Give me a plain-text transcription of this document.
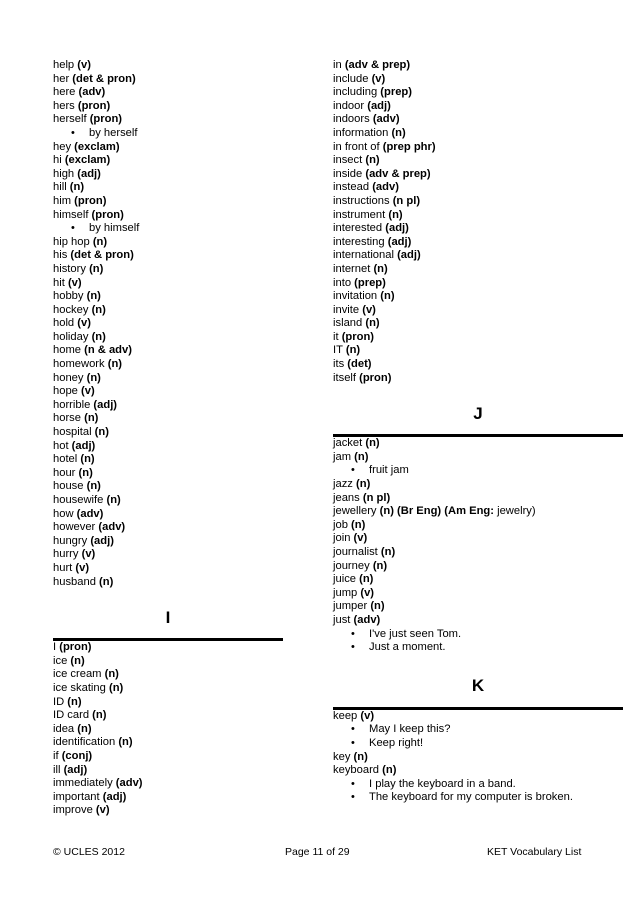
help (v)
her (det & pron)
here (adv)
hers (pron)
herself (pron)
• by herself
hey (exclam)
hi (exclam)
high (adj)
hill (n)
him (pron)
himself (pron)
• by himself
hip hop (n)
his (det & pron)
history (n)
hit (v)
hobby (n)
hockey (n)
hold (v)
holiday (n)
home (n & adv)
homework (n)
honey (n)
hope (v)
horrible (adj)
horse (n)
hospital (n)
hot (adj)
hotel (n)
hour (n)
house (n)
housewife (n)
how (adv)
however (adv)
hungry (adj)
hurry (v)
hurt (v)
husband (n)
I
I (pron)
ice (n)
ice cream (n)
ice skating (n)
ID (n)
ID card (n)
idea (n)
identification (n)
if (conj)
ill (adj)
immediately (adv)
important (adj)
improve (v)
in (adv & prep)
include (v)
including (prep)
indoor (adj)
indoors (adv)
information (n)
in front of (prep phr)
insect (n)
inside (adv & prep)
instead (adv)
instructions (n pl)
instrument (n)
interested (adj)
interesting (adj)
international (adj)
internet (n)
into (prep)
invitation (n)
invite (v)
island (n)
it (pron)
IT (n)
its (det)
itself (pron)
J
jacket (n)
jam (n)
• fruit jam
jazz (n)
jeans (n pl)
jewellery (n) (Br Eng) (Am Eng: jewelry)
job (n)
join (v)
journalist (n)
journey (n)
juice (n)
jump (v)
jumper (n)
just (adv)
• I've just seen Tom.
• Just a moment.
K
keep (v)
• May I keep this?
• Keep right!
key (n)
keyboard (n)
• I play the keyboard in a band.
• The keyboard for my computer is broken.
© UCLES 2012	Page 11 of 29	KET Vocabulary List
